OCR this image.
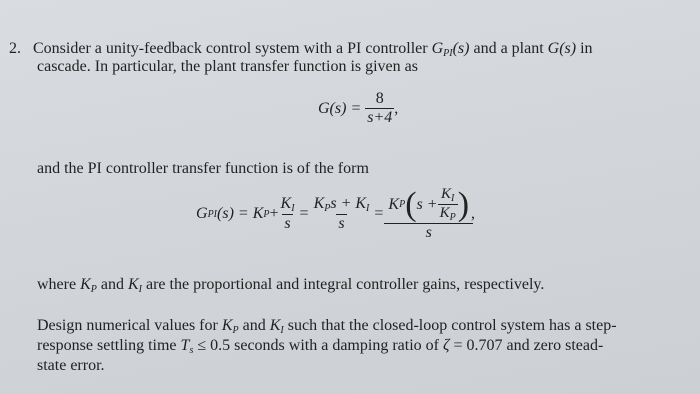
2. Consider a unity-feedback control system with a PI controller $G_{PI}(s)$ and a plant G(s) in
cascade. In particular, the plant transfer function is given as
$G(s) = \frac{8}{s+4}$ ,
and the PI controller transfer function is of the form
G PI (s) = K $P + \frac{K_I}{s} = \frac{K_Ps + K_I}{s}$ =
K P ( $s + \frac{K_I}{K_P}$ )
s
,
where $K_P$ and $K_I$ are the proportional and integral controller gains, respectively.
Design numerical values for $K_P$ and $K_I$ such that the closed-loop control system has a step-
response settling time $T_s \le 0.5$ seconds with a damping ratio of ζ = 0.707 and zero stead-
state error.
